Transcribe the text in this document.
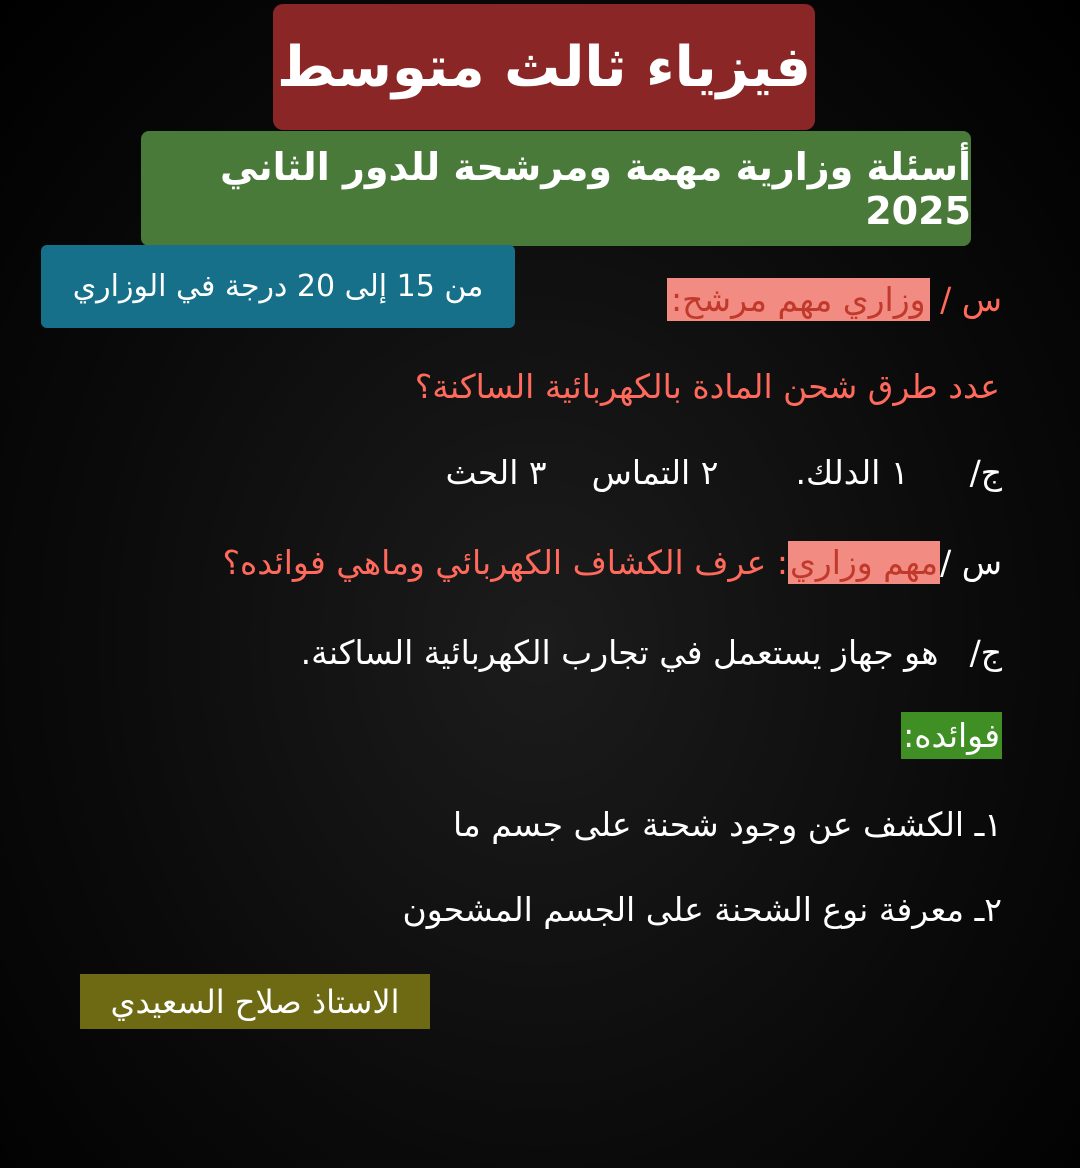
فيزياء ثالث متوسط
أسئلة وزارية مهمة ومرشحة للدور الثاني 2025
من 15 إلى 20 درجة في الوزاري	س / وزاري مهم مرشح:
عدد طرق شحن المادة بالكهربائية الساكنة؟
ج/  ١ الدلك.  ٢ التماس  ٣ الحث
س /مهم وزاري: عرف الكشاف الكهربائي وماهي فوائده؟
ج/  هو جهاز يستعمل في تجارب الكهربائية الساكنة.
فوائده:
١ـ الكشف عن وجود شحنة على جسم ما
٢ـ معرفة نوع الشحنة على الجسم المشحون
الاستاذ صلاح السعيدي
